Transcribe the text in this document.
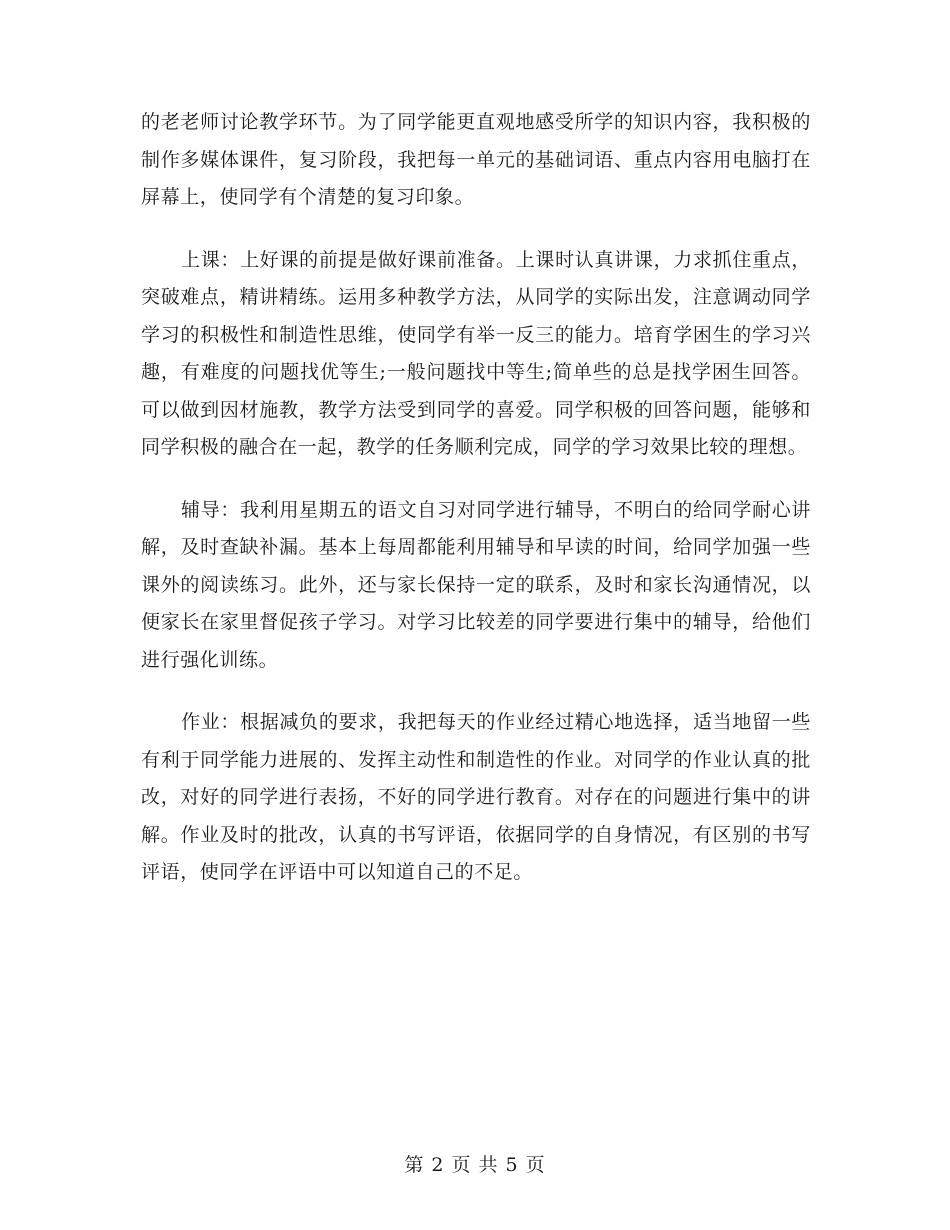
的老老师讨论教学环节。为了同学能更直观地感受所学的知识内容，我积极的制作多媒体课件，复习阶段，我把每一单元的基础词语、重点内容用电脑打在屏幕上，使同学有个清楚的复习印象。

上课：上好课的前提是做好课前准备。上课时认真讲课，力求抓住重点，突破难点，精讲精练。运用多种教学方法，从同学的实际出发，注意调动同学学习的积极性和制造性思维，使同学有举一反三的能力。培育学困生的学习兴趣，有难度的问题找优等生;一般问题找中等生;简单些的总是找学困生回答。可以做到因材施教，教学方法受到同学的喜爱。同学积极的回答问题，能够和同学积极的融合在一起，教学的任务顺利完成，同学的学习效果比较的理想。

辅导：我利用星期五的语文自习对同学进行辅导，不明白的给同学耐心讲解，及时查缺补漏。基本上每周都能利用辅导和早读的时间，给同学加强一些课外的阅读练习。此外，还与家长保持一定的联系，及时和家长沟通情况，以便家长在家里督促孩子学习。对学习比较差的同学要进行集中的辅导，给他们进行强化训练。

作业：根据减负的要求，我把每天的作业经过精心地选择，适当地留一些有利于同学能力进展的、发挥主动性和制造性的作业。对同学的作业认真的批改，对好的同学进行表扬，不好的同学进行教育。对存在的问题进行集中的讲解。作业及时的批改，认真的书写评语，依据同学的自身情况，有区别的书写评语，使同学在评语中可以知道自己的不足。

第 2 页 共 5 页
